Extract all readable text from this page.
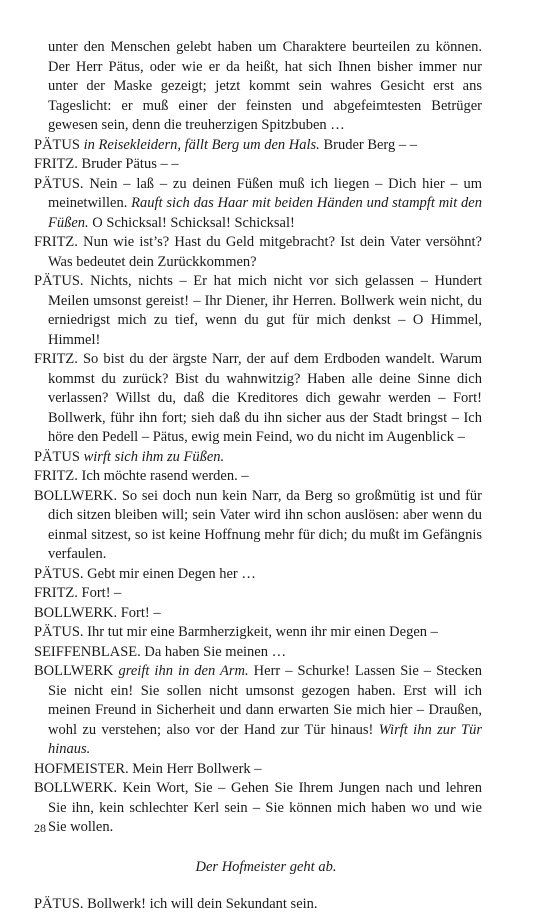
unter den Menschen gelebt haben um Charaktere beurteilen zu können. Der Herr Pätus, oder wie er da heißt, hat sich Ihnen bisher immer nur unter der Maske gezeigt; jetzt kommt sein wahres Gesicht erst ans Tageslicht: er muß einer der feinsten und abgefeimtesten Betrüger gewesen sein, denn die treuherzigen Spitzbuben …

PÄTUS in Reisekleidern, fällt Berg um den Hals. Bruder Berg – –

FRITZ. Bruder Pätus – –

PÄTUS. Nein – laß – zu deinen Füßen muß ich liegen – Dich hier – um meinetwillen. Rauft sich das Haar mit beiden Händen und stampft mit den Füßen. O Schicksal! Schicksal! Schicksal!

FRITZ. Nun wie ist’s? Hast du Geld mitgebracht? Ist dein Vater versöhnt? Was bedeutet dein Zurückkommen?

PÄTUS. Nichts, nichts – Er hat mich nicht vor sich gelassen – Hundert Meilen umsonst gereist! – Ihr Diener, ihr Herren. Bollwerk wein nicht, du erniedrigst mich zu tief, wenn du gut für mich denkst – O Himmel, Himmel!

FRITZ. So bist du der ärgste Narr, der auf dem Erdboden wandelt. Warum kommst du zurück? Bist du wahnwitzig? Haben alle deine Sinne dich verlassen? Willst du, daß die Kreditores dich gewahr werden – Fort! Bollwerk, führ ihn fort; sieh daß du ihn sicher aus der Stadt bringst – Ich höre den Pedell – Pätus, ewig mein Feind, wo du nicht im Augenblick –

PÄTUS wirft sich ihm zu Füßen.

FRITZ. Ich möchte rasend werden. –

BOLLWERK. So sei doch nun kein Narr, da Berg so großmütig ist und für dich sitzen bleiben will; sein Vater wird ihn schon auslösen: aber wenn du einmal sitzest, so ist keine Hoffnung mehr für dich; du mußt im Gefängnis verfaulen.

PÄTUS. Gebt mir einen Degen her …

FRITZ. Fort! –

BOLLWERK. Fort! –

PÄTUS. Ihr tut mir eine Barmherzigkeit, wenn ihr mir einen Degen –

SEIFFENBLASE. Da haben Sie meinen …

BOLLWERK greift ihn in den Arm. Herr – Schurke! Lassen Sie – Stecken Sie nicht ein! Sie sollen nicht umsonst gezogen haben. Erst will ich meinen Freund in Sicherheit und dann erwarten Sie mich hier – Draußen, wohl zu verstehen; also vor der Hand zur Tür hinaus! Wirft ihn zur Tür hinaus.

HOFMEISTER. Mein Herr Bollwerk –

BOLLWERK. Kein Wort, Sie – Gehen Sie Ihrem Jungen nach und lehren Sie ihn, kein schlechter Kerl sein – Sie können mich haben wo und wie Sie wollen.

Der Hofmeister geht ab.

PÄTUS. Bollwerk! ich will dein Sekundant sein.

28
